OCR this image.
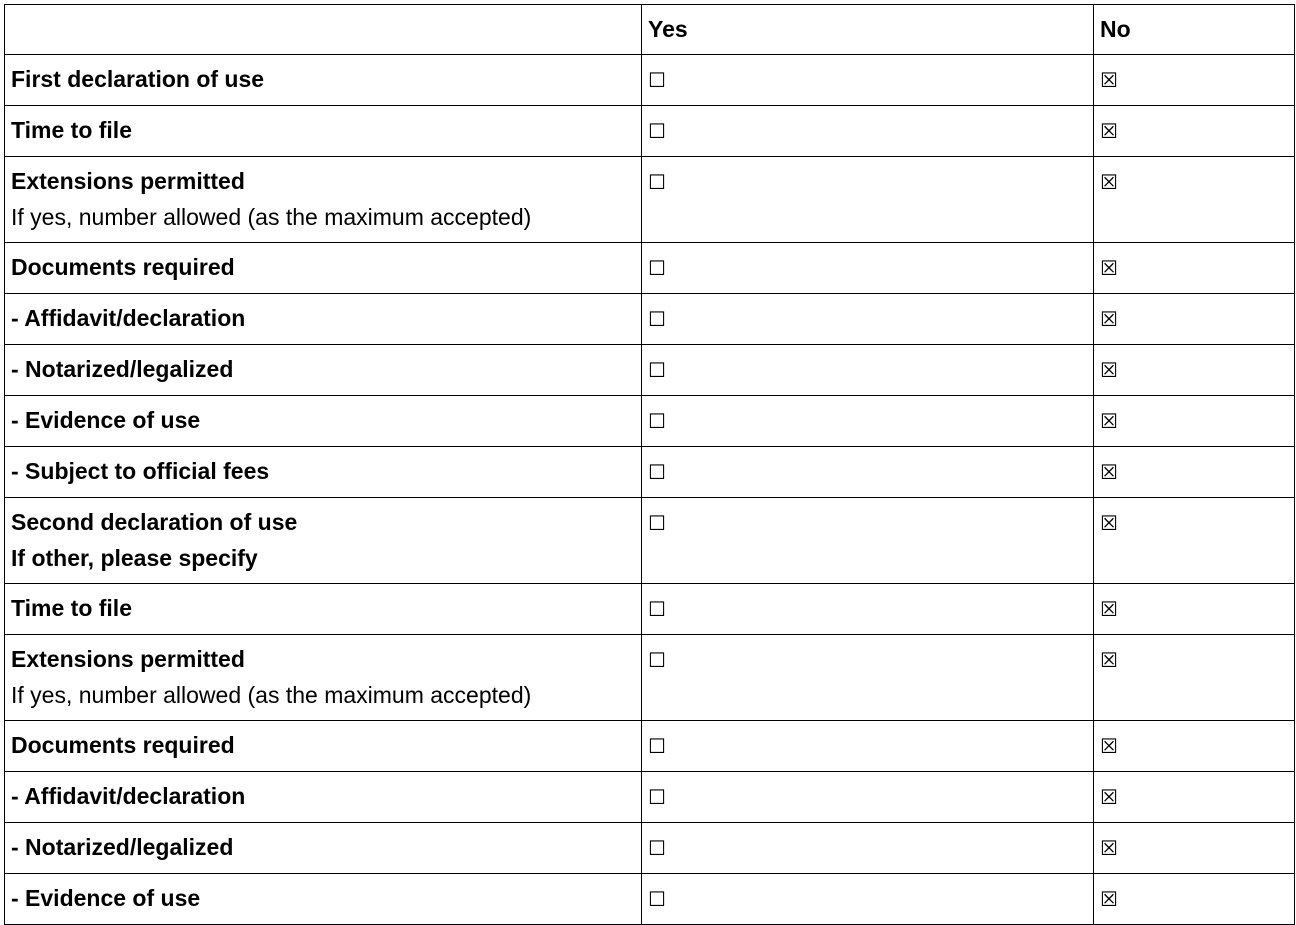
	Yes	No

First declaration of use	☐	☒

Time to file	☐	☒

Extensions permitted
If yes, number allowed (as the maximum accepted)	☐	☒

Documents required	☐	☒

- Affidavit/declaration	☐	☒

- Notarized/legalized	☐	☒

- Evidence of use	☐	☒

- Subject to official fees	☐	☒

Second declaration of use
If other, please specify	☐	☒

Time to file	☐	☒

Extensions permitted
If yes, number allowed (as the maximum accepted)	☐	☒

Documents required	☐	☒

- Affidavit/declaration	☐	☒

- Notarized/legalized	☐	☒

- Evidence of use	☐	☒
